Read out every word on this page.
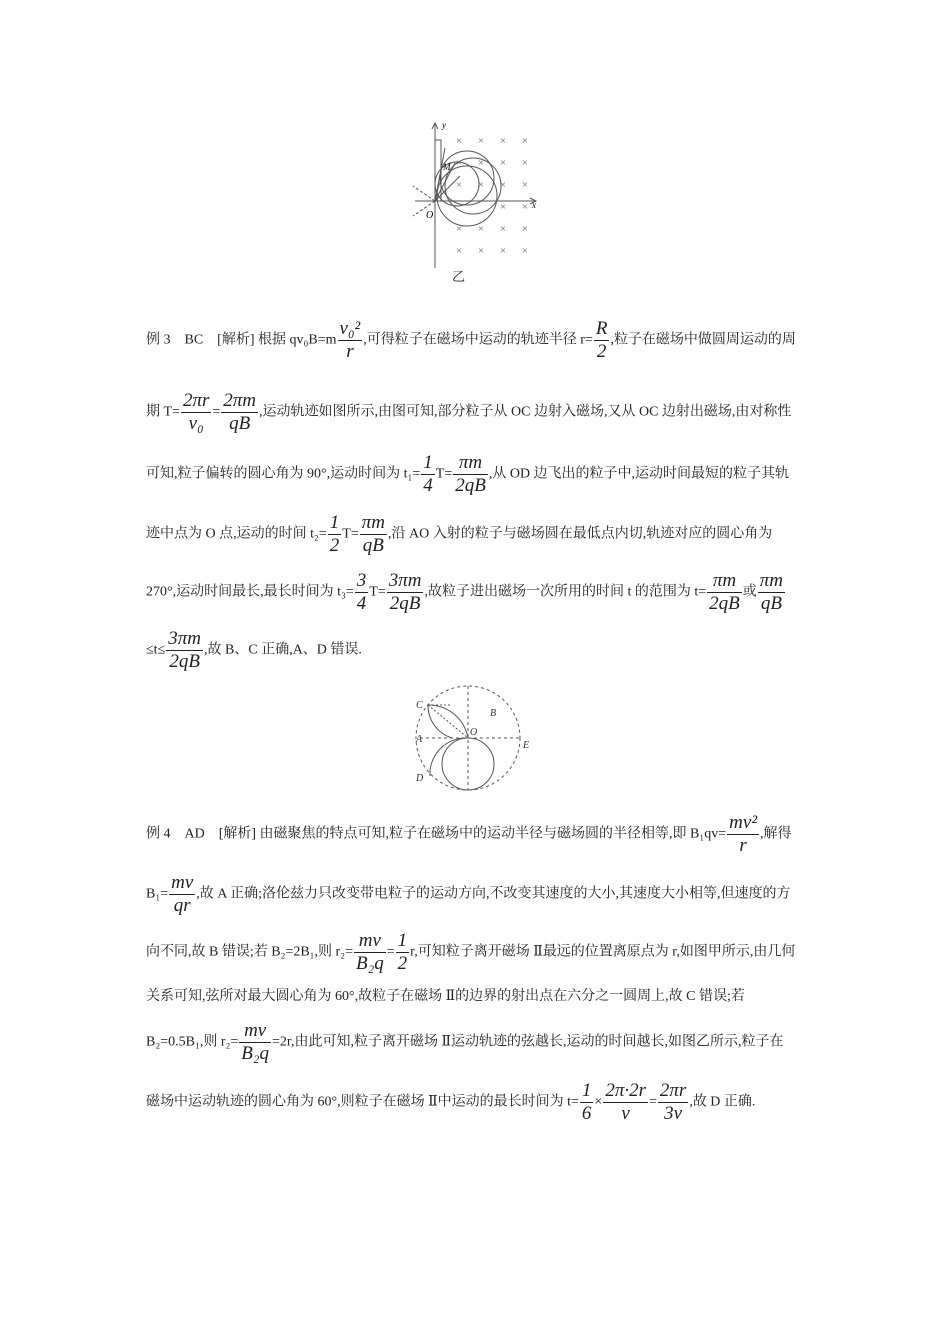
× × × ×
× × × ×
× × × ×
× ×
× × × ×
× × × ×
y
x
O
M
乙
例 3　BC　[解析] 根据 $qv_0B=m \frac{\text{v₀²}}{r}$ ,可得粒子在磁场中运动的轨迹半径 $r= \frac{R}{2}$ ,粒子在磁场中做圆周运动的周
期 $T= \frac{2\pi r}{\text{v₀}} = \frac{2\pi m}{qB}$ ,运动轨迹如图所示,由图可知,部分粒子从 OC 边射入磁场,又从 OC 边射出磁场,由对称性
可知,粒子偏转的圆心角为 90°,运动时间为 $t_1= \frac{1}{4} T= \frac{\pi m}{2qB}$ ,从 OD 边飞出的粒子中,运动时间最短的粒子其轨
迹中点为 O 点,运动的时间 $t_2= \frac{1}{2} T= \frac{\pi m}{qB}$ ,沿 AO 入射的粒子与磁场圆在最低点内切,轨迹对应的圆心角为
270°,运动时间最长,最长时间为 $t_3= \frac{3}{4} T= \frac{3\pi m}{2qB}$ ,故粒子进出磁场一次所用的时间 t 的范围为 $t= \frac{\pi m}{2qB}$ 或 $\frac{\pi m}{qB}$
$\le t\le \frac{3\pi m}{2qB}$ ,故 B、C 正确,A、D 错误.
C
A
D
O
B
E
例 4　AD　[解析] 由磁聚焦的特点可知,粒子在磁场中的运动半径与磁场圆的半径相等,即 $B_1qv= \frac{\text{mv²}}{r}$ ,解得
$B_1= \frac{mv}{qr}$ ,故 A 正确;洛伦兹力只改变带电粒子的运动方向,不改变其速度的大小,其速度大小相等,但速度的方
向不同,故 B 错误;若 B₂=2B₁,则 $r_2= \frac{mv}{\text{B₂q}} = \frac{1}{2} r$,可知粒子离开磁场 Ⅱ最远的位置离原点为 r,如图甲所示,由几何
关系可知,弦所对最大圆心角为 60°,故粒子在磁场 Ⅱ的边界的射出点在六分之一圆周上,故 C 错误;若
B₂=0.5B₁,则 $r_2= \frac{mv}{\text{B₂q}} =2r$,由此可知,粒子离开磁场 Ⅱ运动轨迹的弦越长,运动的时间越长,如图乙所示,粒子在
磁场中运动轨迹的圆心角为 60°,则粒子在磁场 Ⅱ中运动的最长时间为 $t= \frac{1}{6} \times \frac{2\pi\cdot 2r}{v} = \frac{2\pi r}{3v}$ ,故 D 正确.
